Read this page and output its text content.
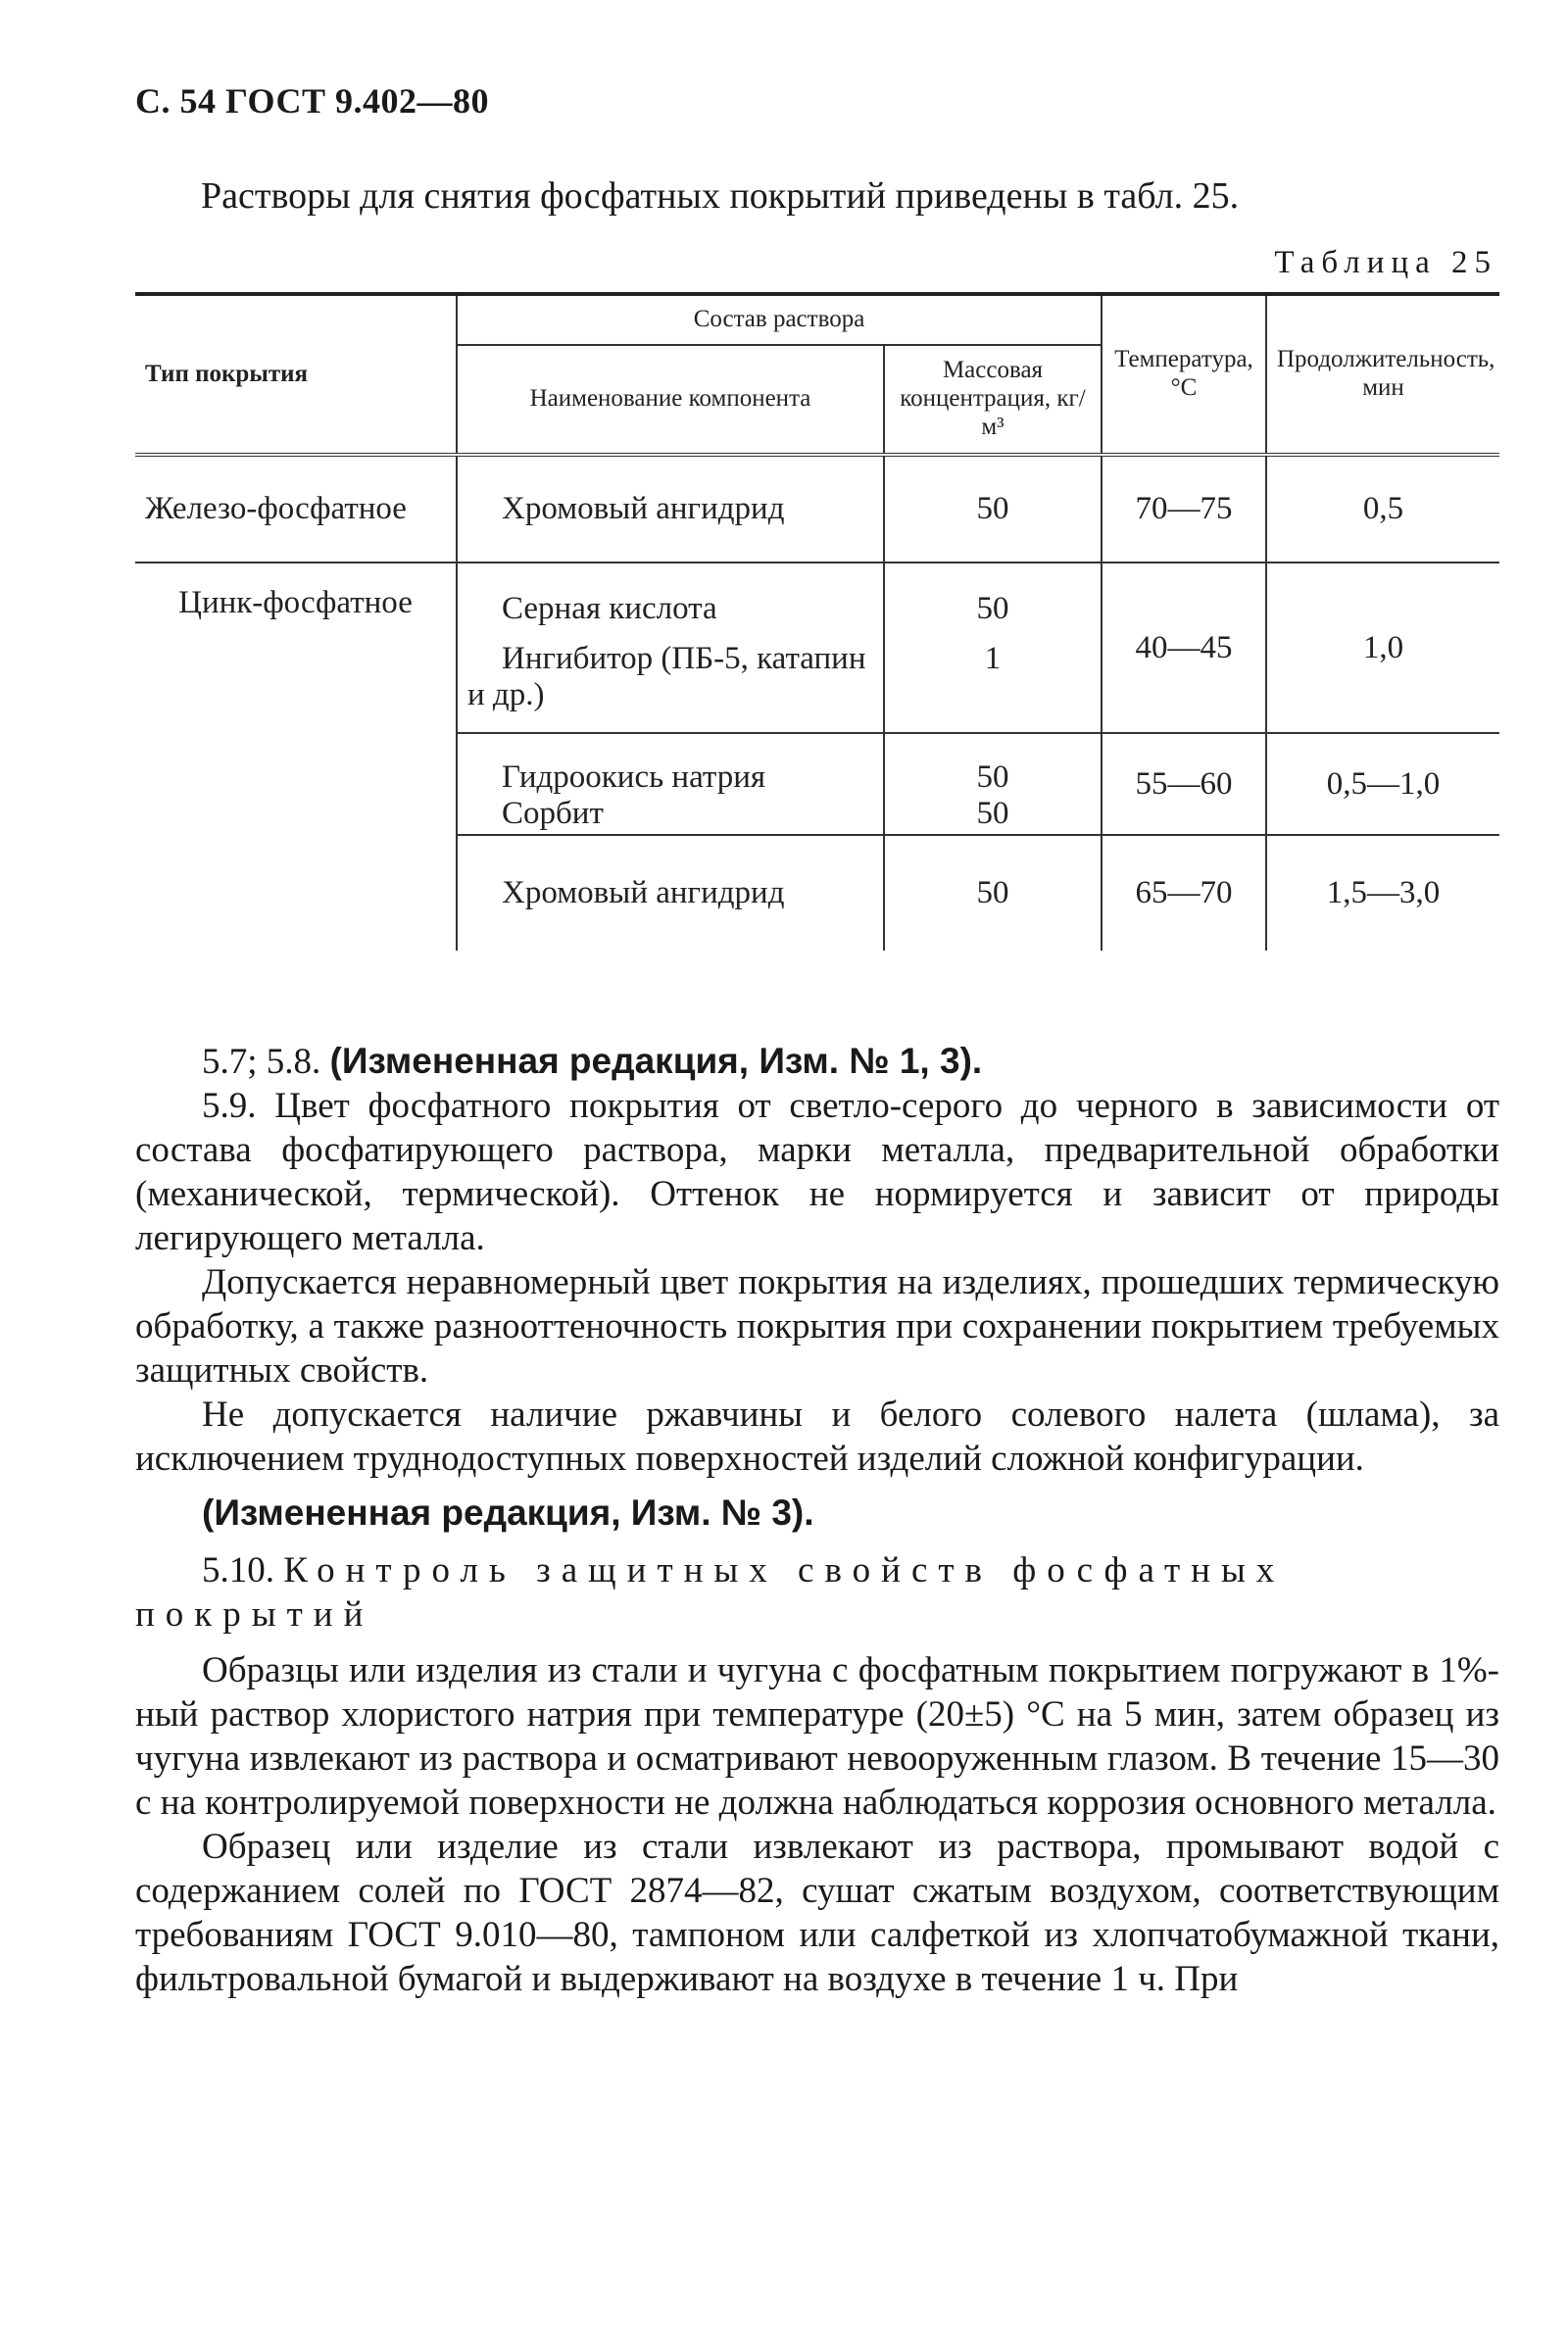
С. 54 ГОСТ 9.402—80
Растворы для снятия фосфатных покрытий приведены в табл. 25.
Таблица 25
Тип покрытия	Состав раствора		Температура, °С	Продолжительность, мин
	Наименование компонента	Массовая концентрация, кг/м³		
Железо-фосфатное	Хромовый ангидрид	50	70—75	0,5
Цинк-фосфатное	Серная кислота	50	40—45	1,0
	Ингибитор (ПБ-5, катапин и др.)	1		
	Гидроокись натрия	50	55—60	0,5—1,0
	Сорбит	50		
	Хромовый ангидрид	50	65—70	1,5—3,0

5.7; 5.8. (Измененная редакция, Изм. № 1, 3).

5.9. Цвет фосфатного покрытия от светло-серого до черного в зависимости от состава фосфатирующего раствора, марки металла, предварительной обработки (механической, термической). Оттенок не нормируется и зависит от природы легирующего металла.

Допускается неравномерный цвет покрытия на изделиях, прошедших термическую обработку, а также разнооттеночность покрытия при сохранении покрытием требуемых защитных свойств.

Не допускается наличие ржавчины и белого солевого налета (шлама), за исключением труднодоступных поверхностей изделий сложной конфигурации.

(Измененная редакция, Изм. № 3).

5.10. Контроль защитных свойств фосфатных покрытий

Образцы или изделия из стали и чугуна с фосфатным покрытием погружают в 1%-ный раствор хлористого натрия при температуре (20±5) °С на 5 мин, затем образец из чугуна извлекают из раствора и осматривают невооруженным глазом. В течение 15—30 с на контролируемой поверхности не должна наблюдаться коррозия основного металла.

Образец или изделие из стали извлекают из раствора, промывают водой с содержанием солей по ГОСТ 2874—82, сушат сжатым воздухом, соответствующим требованиям ГОСТ 9.010—80, тампоном или салфеткой из хлопчатобумажной ткани, фильтровальной бумагой и выдерживают на воздухе в течение 1 ч. При
